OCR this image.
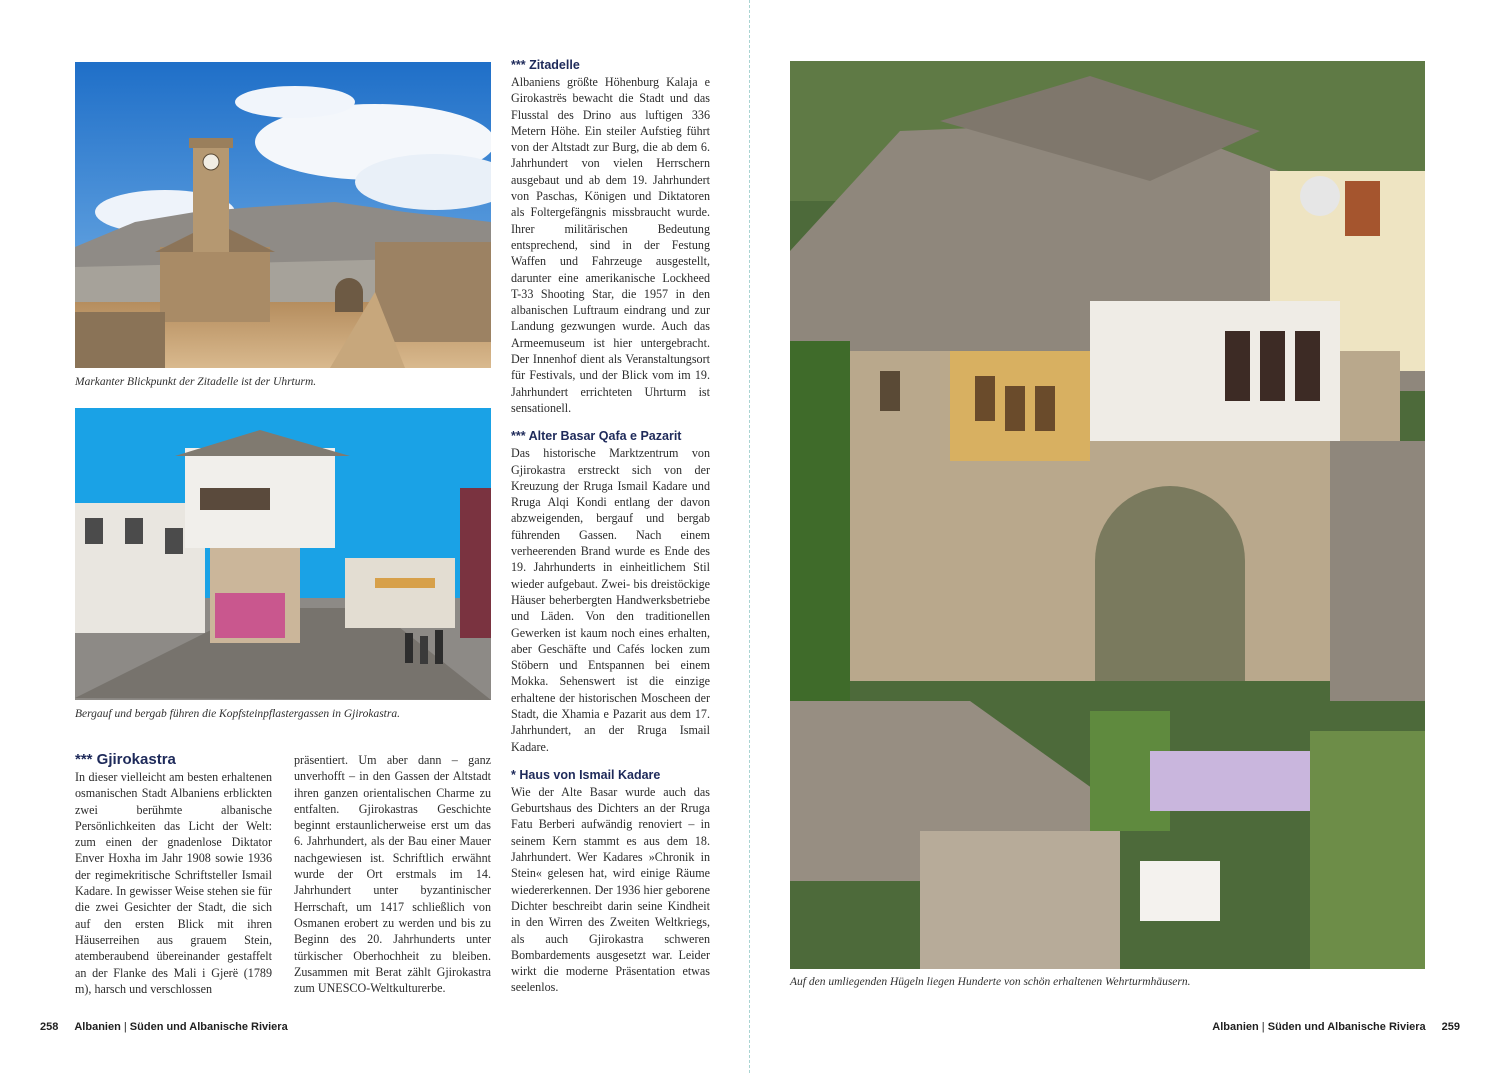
Markanter Blickpunkt der Zitadelle ist der Uhrturm.
Bergauf und bergab führen die Kopfsteinpflastergassen in Gjirokastra.

*** Gjirokastra

In dieser vielleicht am besten erhaltenen osmanischen Stadt Albaniens erblickten zwei berühmte albanische Persönlichkeiten das Licht der Welt: zum einen der gnadenlose Diktator Enver Hoxha im Jahr 1908 sowie 1936 der regimekritische Schriftsteller Ismail Kadare. In gewisser Weise stehen sie für die zwei Gesichter der Stadt, die sich auf den ersten Blick mit ihren Häuserreihen aus grauem Stein, atemberaubend übereinander gestaffelt an der Flanke des Mali i Gjerë (1789 m), harsch und verschlossen

präsentiert. Um aber dann – ganz unverhofft – in den Gassen der Altstadt ihren ganzen orientalischen Charme zu entfalten. Gjirokastras Geschichte beginnt erstaunlicherweise erst um das 6. Jahrhundert, als der Bau einer Mauer nachgewiesen ist. Schriftlich erwähnt wurde der Ort erstmals im 14. Jahrhundert unter byzantinischer Herrschaft, um 1417 schließlich von Osmanen erobert zu werden und bis zu Beginn des 20. Jahrhunderts unter türkischer Oberhochheit zu bleiben. Zusammen mit Berat zählt Gjirokastra zum UNESCO-Weltkulturerbe.

*** Zitadelle

Albaniens größte Höhenburg Kalaja e Girokastrës bewacht die Stadt und das Flusstal des Drino aus luftigen 336 Metern Höhe. Ein steiler Aufstieg führt von der Altstadt zur Burg, die ab dem 6. Jahrhundert von vielen Herrschern ausgebaut und ab dem 19. Jahrhundert von Paschas, Königen und Diktatoren als Foltergefängnis missbraucht wurde. Ihrer militärischen Bedeutung entsprechend, sind in der Festung Waffen und Fahrzeuge ausgestellt, darunter eine amerikanische Lockheed T-33 Shooting Star, die 1957 in den albanischen Luftraum eindrang und zur Landung gezwungen wurde. Auch das Armeemuseum ist hier untergebracht. Der Innenhof dient als Veranstaltungsort für Festivals, und der Blick vom im 19. Jahrhundert errichteten Uhrturm ist sensationell.

*** Alter Basar Qafa e Pazarit

Das historische Marktzentrum von Gjirokastra erstreckt sich von der Kreuzung der Rruga Ismail Kadare und Rruga Alqi Kondi entlang der davon abzweigenden, bergauf und bergab führenden Gassen. Nach einem verheerenden Brand wurde es Ende des 19. Jahrhunderts in einheitlichem Stil wieder aufgebaut. Zwei- bis dreistöckige Häuser beherbergten Handwerksbetriebe und Läden. Von den traditionellen Gewerken ist kaum noch eines erhalten, aber Geschäfte und Cafés locken zum Stöbern und Entspannen bei einem Mokka. Sehenswert ist die einzige erhaltene der historischen Moscheen der Stadt, die Xhamia e Pazarit aus dem 17. Jahrhundert, an der Rruga Ismail Kadare.

* Haus von Ismail Kadare

Wie der Alte Basar wurde auch das Geburtshaus des Dichters an der Rruga Fatu Berberi aufwändig renoviert – in seinem Kern stammt es aus dem 18. Jahrhundert. Wer Kadares »Chronik in Stein« gelesen hat, wird einige Räume wiedererkennen. Der 1936 hier geborene Dichter beschreibt darin seine Kindheit in den Wirren des Zweiten Weltkriegs, als auch Gjirokastra schweren Bombardements ausgesetzt war. Leider wirkt die moderne Präsentation etwas seelenlos.

258 Albanien | Süden und Albanische Riviera
Auf den umliegenden Hügeln liegen Hunderte von schön erhaltenen Wehrturmhäusern.
Albanien | Süden und Albanische Riviera 259
